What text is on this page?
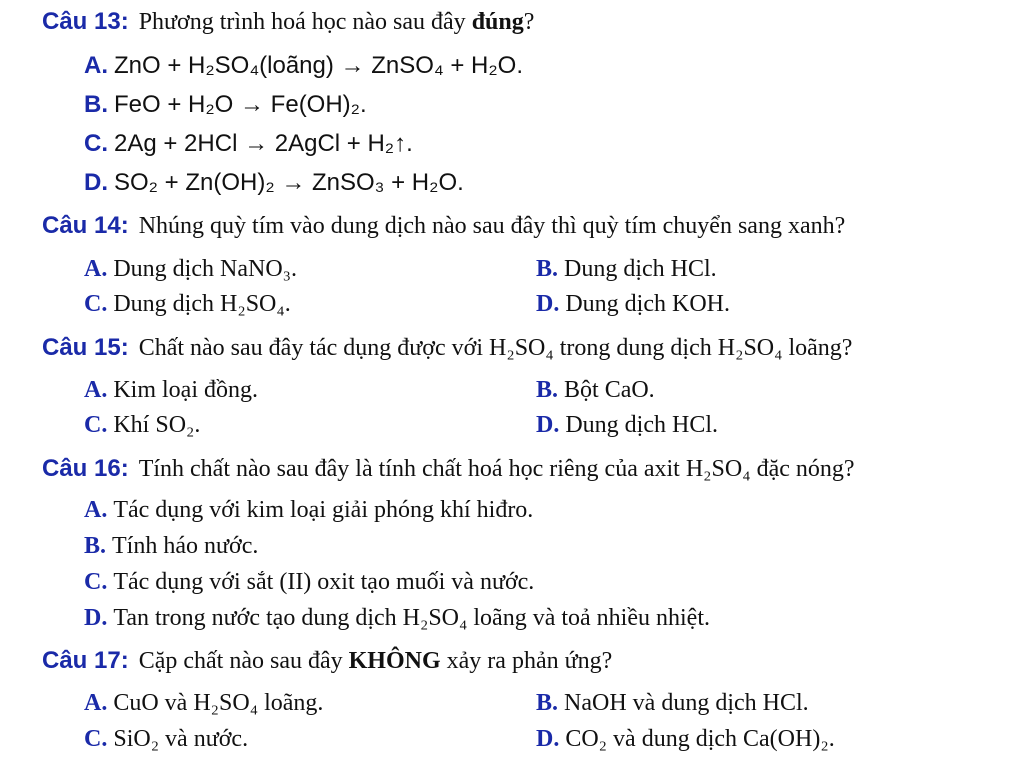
Câu 13: Phương trình hoá học nào sau đây đúng?
A. ZnO + H₂SO₄(loãng) → ZnSO₄ + H₂O.
B. FeO + H₂O → Fe(OH)₂.
C. 2Ag + 2HCl → 2AgCl + H₂↑.
D. SO₂ + Zn(OH)₂ → ZnSO₃ + H₂O.
Câu 14: Nhúng quỳ tím vào dung dịch nào sau đây thì quỳ tím chuyển sang xanh?
A. Dung dịch NaNO₃.	B. Dung dịch HCl.
C. Dung dịch H₂SO₄.	D. Dung dịch KOH.
Câu 15: Chất nào sau đây tác dụng được với H₂SO₄ trong dung dịch H₂SO₄ loãng?
A. Kim loại đồng.	B. Bột CaO.
C. Khí SO₂.	D. Dung dịch HCl.
Câu 16: Tính chất nào sau đây là tính chất hoá học riêng của axit H₂SO₄ đặc nóng?
A. Tác dụng với kim loại giải phóng khí hiđro.
B. Tính háo nước.
C. Tác dụng với sắt (II) oxit tạo muối và nước.
D. Tan trong nước tạo dung dịch H₂SO₄ loãng và toả nhiều nhiệt.
Câu 17: Cặp chất nào sau đây KHÔNG xảy ra phản ứng?
A. CuO và H₂SO₄ loãng.	B. NaOH và dung dịch HCl.
C. SiO₂ và nước.	D. CO₂ và dung dịch Ca(OH)₂.
